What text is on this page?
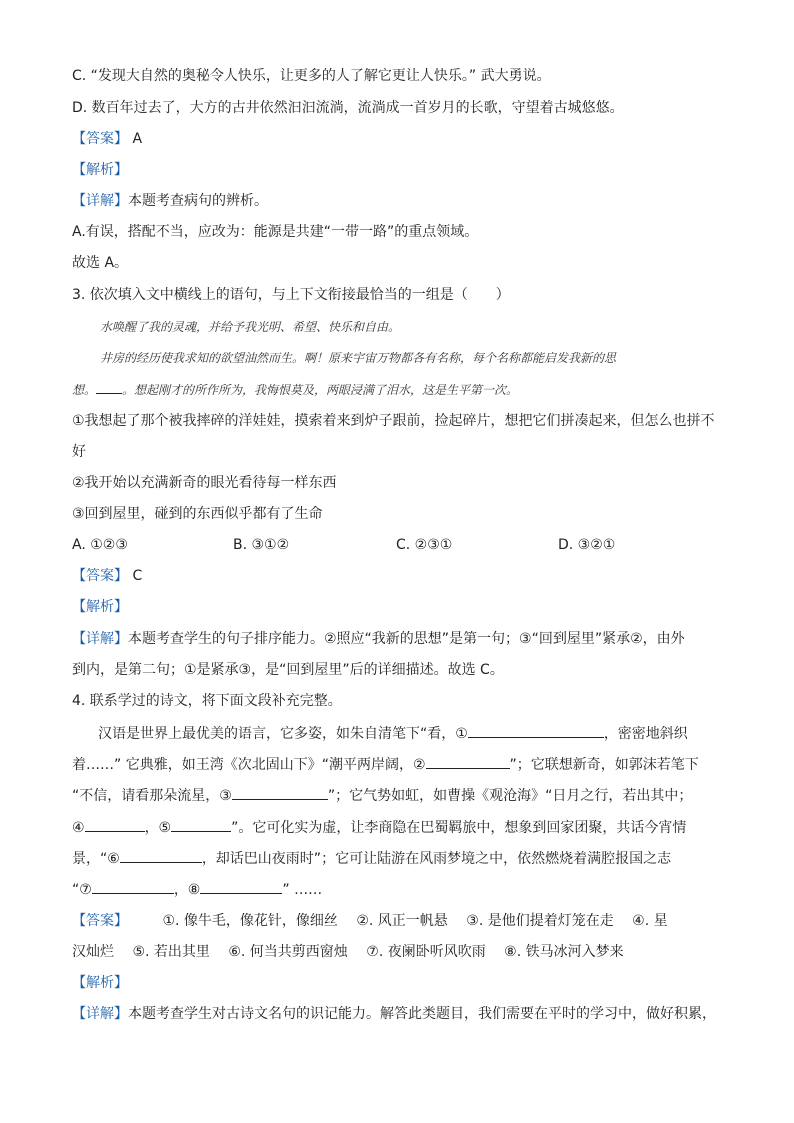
C. “发现大自然的奥秘令人快乐，让更多的人了解它更让人快乐。” 武大勇说。
D. 数百年过去了，大方的古井依然汩汩流淌，流淌成一首岁月的长歌，守望着古城悠悠。
【答案】 A
【解析】
【详解】本题考查病句的辨析。
A.有误，搭配不当，应改为：能源是共建“一带一路”的重点领域。
故选 A。
3. 依次填入文中横线上的语句，与上下文衔接最恰当的一组是（　　）
水唤醒了我的灵魂，并给予我光明、希望、快乐和自由。
井房的经历使我求知的欲望油然而生。啊！原来宇宙万物都各有名称，每个名称都能启发我新的思
想。 。想起刚才的所作所为，我悔恨莫及，两眼浸满了泪水，这是生平第一次。
①我想起了那个被我摔碎的洋娃娃，摸索着来到炉子跟前，捡起碎片，想把它们拼凑起来，但怎么也拼不
好
②我开始以充满新奇的眼光看待每一样东西
③回到屋里，碰到的东西似乎都有了生命
A. ①②③	B. ③①②	C. ②③①	D. ③②①
【答案】 C
【解析】
【详解】本题考查学生的句子排序能力。②照应“我新的思想”是第一句；③“回到屋里”紧承②，由外
到内，是第二句；①是紧承③，是“回到屋里”后的详细描述。故选 C。
4. 联系学过的诗文，将下面文段补充完整。
汉语是世界上最优美的语言，它多姿，如朱自清笔下“看，①	，密密地斜织
着……” 它典雅，如王湾《次北固山下》“潮平两岸阔，②	”；它联想新奇，如郭沫若笔下
“不信，请看那朵流星，③	”；它气势如虹，如曹操《观沧海》“日月之行，若出其中；
④	，⑤	”。它可化实为虚，让李商隐在巴蜀羁旅中，想象到回家团聚，共话今宵情
景，“⑥	，却话巴山夜雨时”；它可让陆游在风雨梦境之中，依然燃烧着满腔报国之志
“⑦	，⑧	” ……
【答案】 ①. 像牛毛，像花针，像细丝 ②. 风正一帆悬 ③. 是他们提着灯笼在走 ④. 星
汉灿烂 ⑤. 若出其里 ⑥. 何当共剪西窗烛 ⑦. 夜阑卧听风吹雨 ⑧. 铁马冰河入梦来
【解析】
【详解】本题考查学生对古诗文名句的识记能力。解答此类题目，我们需要在平时的学习中，做好积累，
